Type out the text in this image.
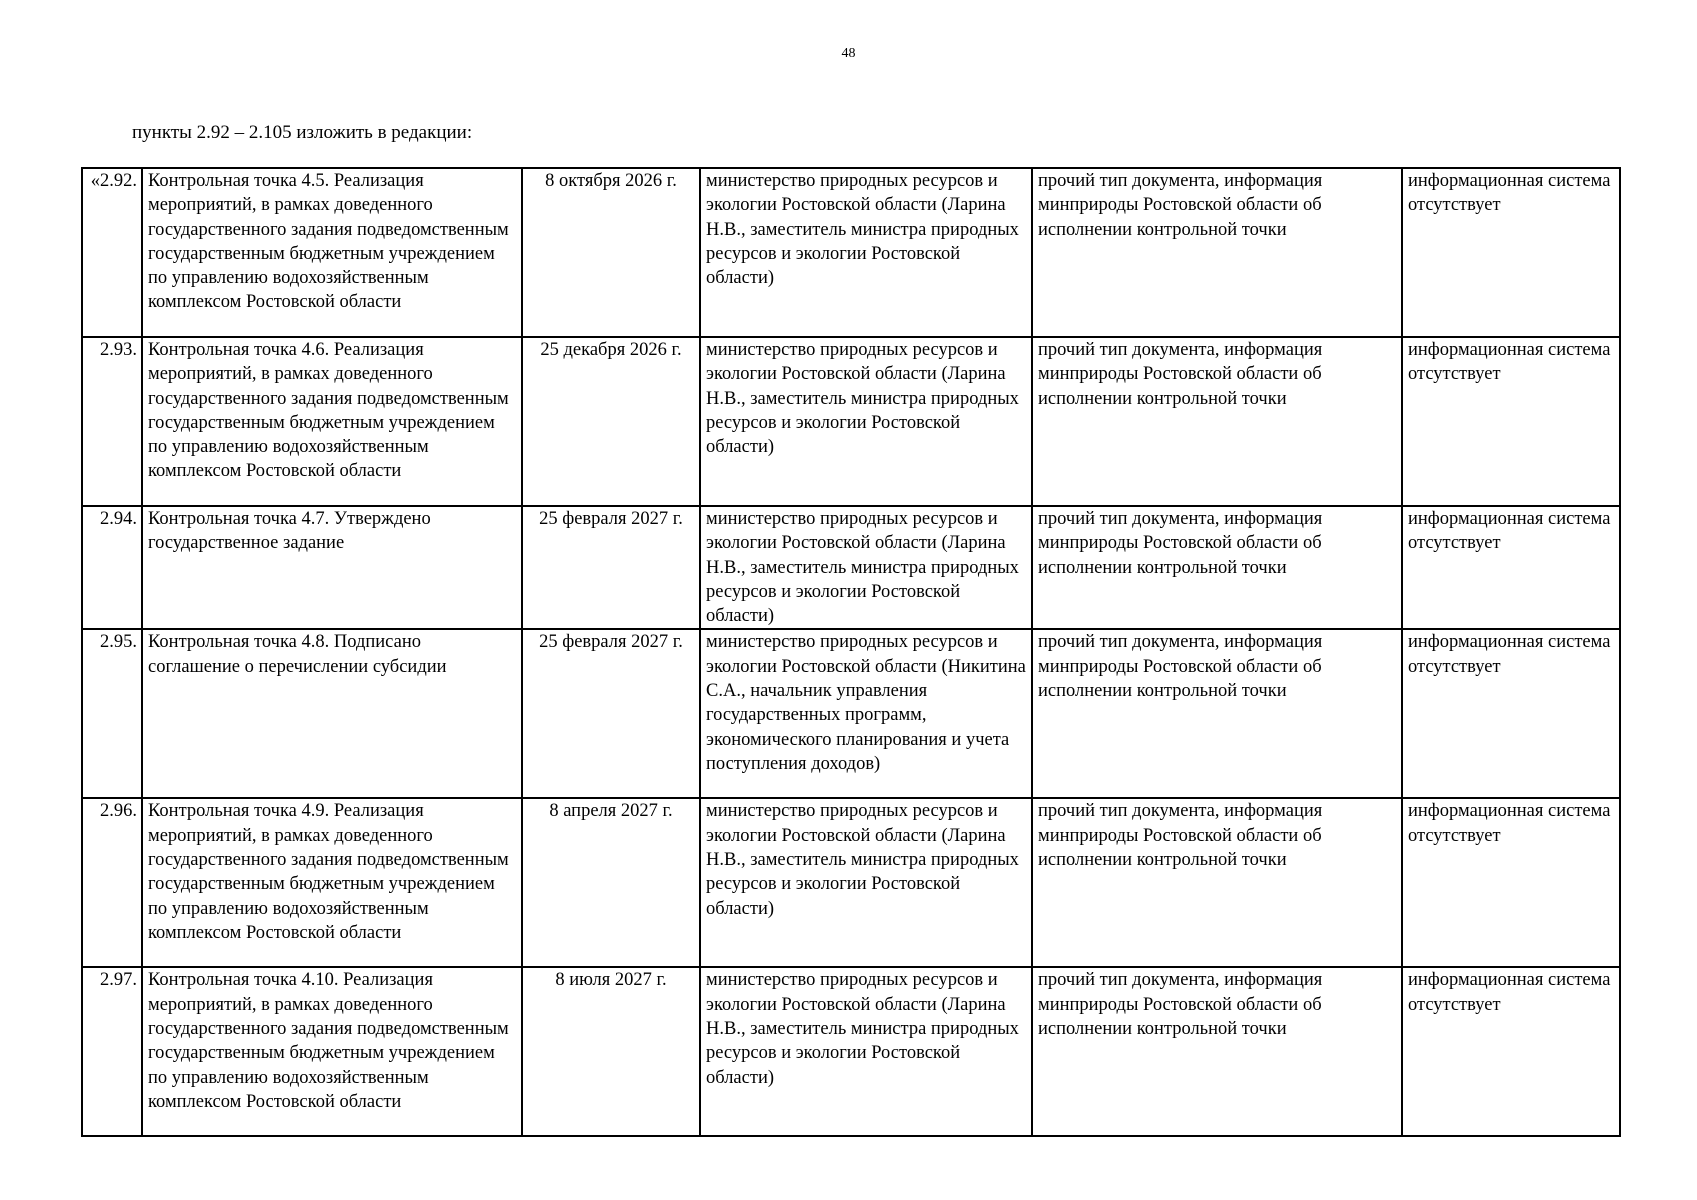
48
пункты 2.92 – 2.105 изложить в редакции:
«2.92.	Контрольная точка 4.5. Реализация мероприятий, в рамках доведенного государственного задания подведомственным государственным бюджетным учреждением по управлению водохозяйственным комплексом Ростовской области	8 октября 2026 г.	министерство природных ресурсов и экологии Ростовской области (Ларина Н.В., заместитель министра природных ресурсов и экологии Ростовской области)	прочий тип документа, информация минприроды Ростовской области об исполнении контрольной точки	информационная система отсутствует
2.93.	Контрольная точка 4.6. Реализация мероприятий, в рамках доведенного государственного задания подведомственным государственным бюджетным учреждением по управлению водохозяйственным комплексом Ростовской области	25 декабря 2026 г.	министерство природных ресурсов и экологии Ростовской области (Ларина Н.В., заместитель министра природных ресурсов и экологии Ростовской области)	прочий тип документа, информация минприроды Ростовской области об исполнении контрольной точки	информационная система отсутствует
2.94.	Контрольная точка 4.7. Утверждено государственное задание	25 февраля 2027 г.	министерство природных ресурсов и экологии Ростовской области (Ларина Н.В., заместитель министра природных ресурсов и экологии Ростовской области)	прочий тип документа, информация минприроды Ростовской области об исполнении контрольной точки	информационная система отсутствует
2.95.	Контрольная точка 4.8. Подписано соглашение о перечислении субсидии	25 февраля 2027 г.	министерство природных ресурсов и экологии Ростовской области (Никитина С.А., начальник управления государственных программ, экономического планирования и учета поступления доходов)	прочий тип документа, информация минприроды Ростовской области об исполнении контрольной точки	информационная система отсутствует
2.96.	Контрольная точка 4.9. Реализация мероприятий, в рамках доведенного государственного задания подведомственным государственным бюджетным учреждением по управлению водохозяйственным комплексом Ростовской области	8 апреля 2027 г.	министерство природных ресурсов и экологии Ростовской области (Ларина Н.В., заместитель министра природных ресурсов и экологии Ростовской области)	прочий тип документа, информация минприроды Ростовской области об исполнении контрольной точки	информационная система отсутствует
2.97.	Контрольная точка 4.10. Реализация мероприятий, в рамках доведенного государственного задания подведомственным государственным бюджетным учреждением по управлению водохозяйственным комплексом Ростовской области	8 июля 2027 г.	министерство природных ресурсов и экологии Ростовской области (Ларина Н.В., заместитель министра природных ресурсов и экологии Ростовской области)	прочий тип документа, информация минприроды Ростовской области об исполнении контрольной точки	информационная система отсутствует
